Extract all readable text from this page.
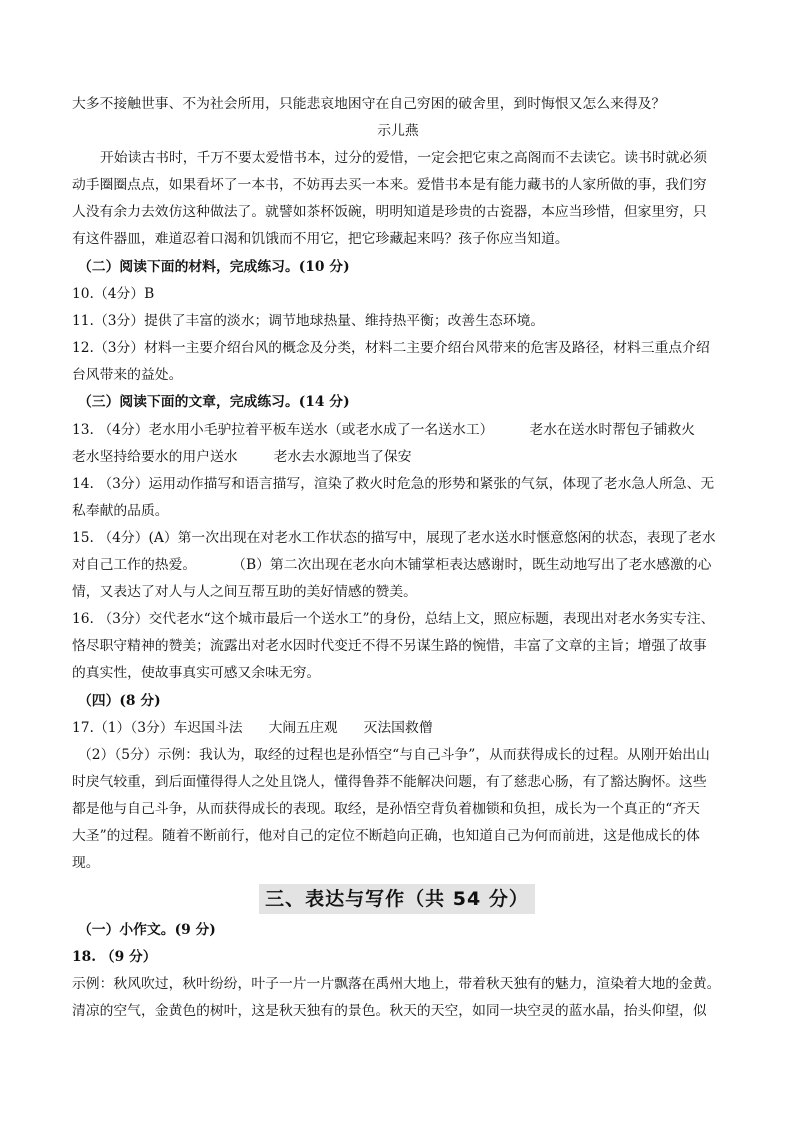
大多不接触世事、不为社会所用，只能悲哀地困守在自己穷困的破舍里，到时悔恨又怎么来得及？
示儿燕
开始读古书时，千万不要太爱惜书本，过分的爱惜，一定会把它束之高阁而不去读它。读书时就必须
动手圈圈点点，如果看坏了一本书，不妨再去买一本来。爱惜书本是有能力藏书的人家所做的事，我们穷
人没有余力去效仿这种做法了。就譬如茶杯饭碗，明明知道是珍贵的古瓷器，本应当珍惜，但家里穷，只
有这件器皿，难道忍着口渴和饥饿而不用它，把它珍藏起来吗？孩子你应当知道。
（二）阅读下面的材料，完成练习。(10 分)
10.（4分）B
11.（3分）提供了丰富的淡水；调节地球热量、维持热平衡；改善生态环境。
12.（3分）材料一主要介绍台风的概念及分类，材料二主要介绍台风带来的危害及路径，材料三重点介绍
台风带来的益处。
（三）阅读下面的文章，完成练习。(14 分)
13. （4分）老水用小毛驴拉着平板车送水（或老水成了一名送水工）	老水在送水时帮包子铺救火
老水坚持给要水的用户送水	老水去水源地当了保安
14. （3分）运用动作描写和语言描写，渲染了救火时危急的形势和紧张的气氛，体现了老水急人所急、无
私奉献的品质。
15. （4分）(A）第一次出现在对老水工作状态的描写中，展现了老水送水时惬意悠闲的状态，表现了老水
对自己工作的热爱。	（B）第二次出现在老水向木铺掌柜表达感谢时，既生动地写出了老水感激的心
情，又表达了对人与人之间互帮互助的美好情感的赞美。
16. （3分）交代老水“这个城市最后一个送水工”的身份，总结上文，照应标题，表现出对老水务实专注、
恪尽职守精神的赞美；流露出对老水因时代变迁不得不另谋生路的惋惜，丰富了文章的主旨；增强了故事
的真实性，使故事真实可感又余味无穷。
（四）(8 分)
17.（1）（3分）车迟国斗法 大闹五庄观 灭法国救僧
（2）（5分）示例：我认为，取经的过程也是孙悟空“与自己斗争”，从而获得成长的过程。从刚开始出山
时戾气较重，到后面懂得得人之处且饶人，懂得鲁莽不能解决问题，有了慈悲心肠，有了豁达胸怀。这些
都是他与自己斗争，从而获得成长的表现。取经，是孙悟空背负着枷锁和负担，成长为一个真正的“齐天
大圣”的过程。随着不断前行，他对自己的定位不断趋向正确，也知道自己为何而前进，这是他成长的体
现。
三、表达与写作（共 54 分）
（一）小作文。(9 分)
18. （9 分）
示例：秋风吹过，秋叶纷纷，叶子一片一片飘落在禹州大地上，带着秋天独有的魅力，渲染着大地的金黄。
清凉的空气，金黄色的树叶，这是秋天独有的景色。秋天的天空，如同一块空灵的蓝水晶，抬头仰望，似
